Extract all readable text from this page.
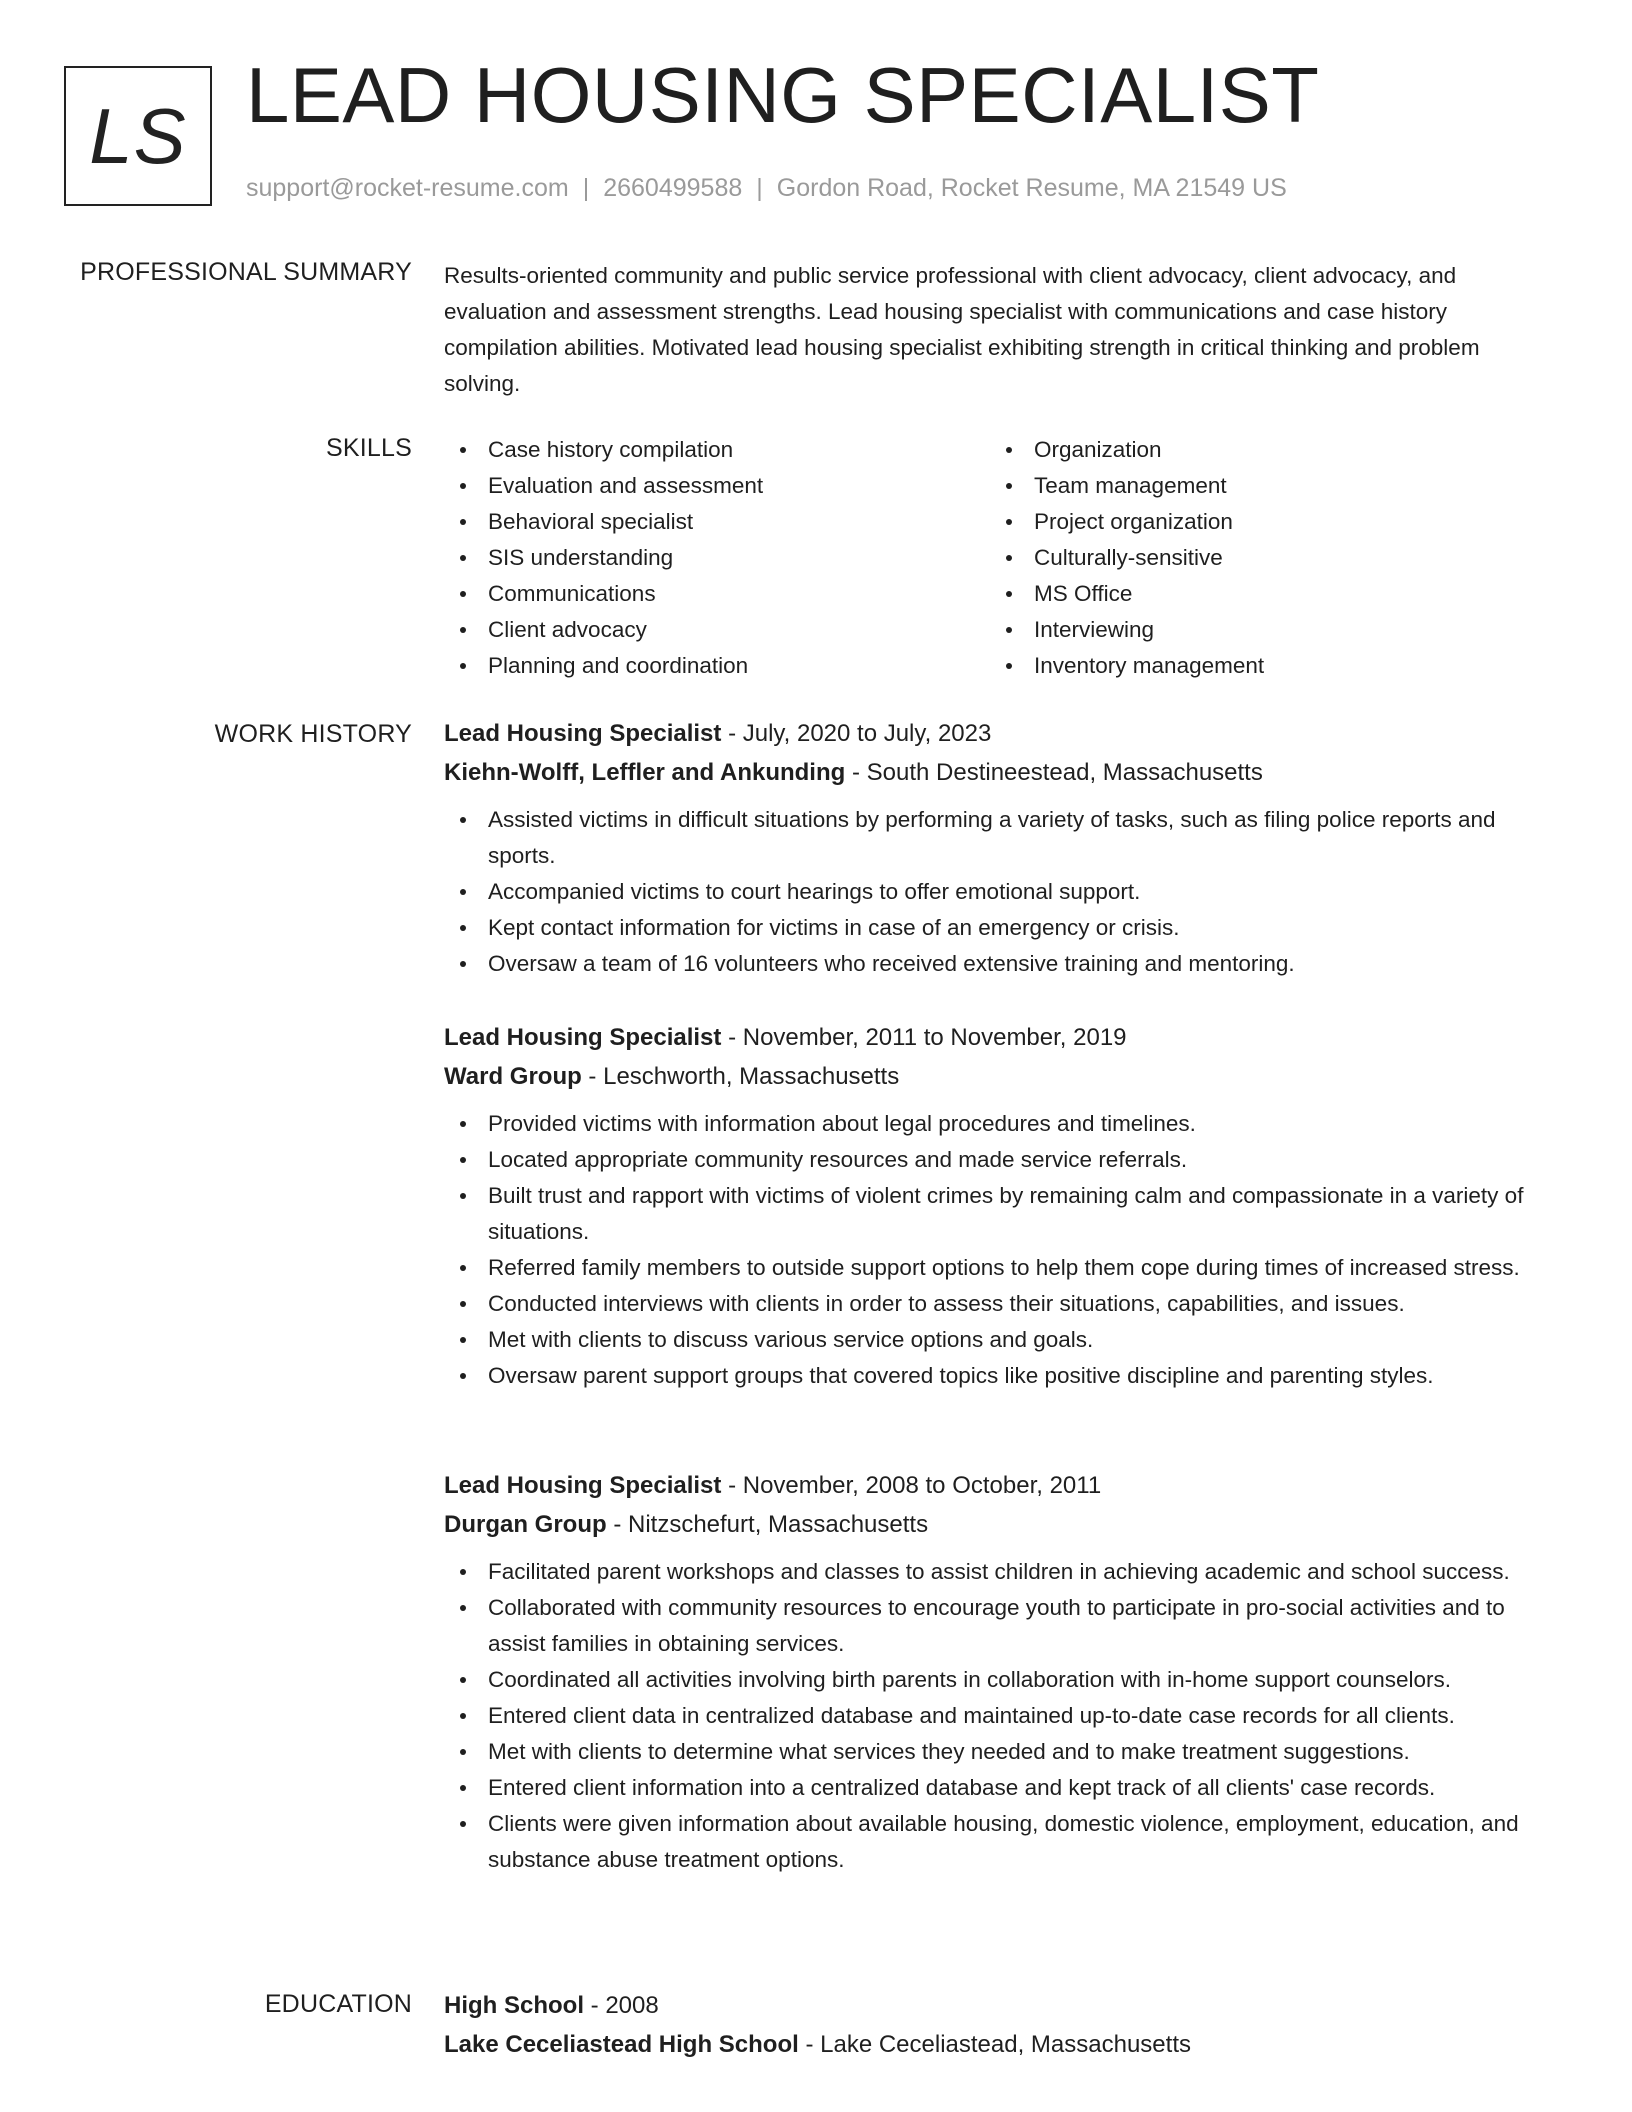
LS LEAD HOUSING SPECIALIST
support@rocket-resume.com | 2660499588 | Gordon Road, Rocket Resume, MA 21549 US
PROFESSIONAL SUMMARY Results-oriented community and public service professional with client advocacy, client advocacy, and evaluation and assessment strengths. Lead housing specialist with communications and case history compilation abilities. Motivated lead housing specialist exhibiting strength in critical thinking and problem solving.

SKILLS	Case history compilation
Evaluation and assessment
Behavioral specialist
SIS understanding
Communications
Client advocacy
Planning and coordination
Organization
Team management
Project organization
Culturally-sensitive
MS Office
Interviewing
Inventory management
WORK HISTORY Lead Housing Specialist - July, 2020 to July, 2023
Kiehn-Wolff, Leffler and Ankunding - South Destineestead, Massachusetts
Assisted victims in difficult situations by performing a variety of tasks, such as filing police reports and sports.
Accompanied victims to court hearings to offer emotional support.
Kept contact information for victims in case of an emergency or crisis.
Oversaw a team of 16 volunteers who received extensive training and mentoring.
Lead Housing Specialist - November, 2011 to November, 2019
Ward Group - Leschworth, Massachusetts
Provided victims with information about legal procedures and timelines.
Located appropriate community resources and made service referrals.
Built trust and rapport with victims of violent crimes by remaining calm and compassionate in a variety of situations.
Referred family members to outside support options to help them cope during times of increased stress.
Conducted interviews with clients in order to assess their situations, capabilities, and issues.
Met with clients to discuss various service options and goals.
Oversaw parent support groups that covered topics like positive discipline and parenting styles.
Lead Housing Specialist - November, 2008 to October, 2011
Durgan Group - Nitzschefurt, Massachusetts
Facilitated parent workshops and classes to assist children in achieving academic and school success.
Collaborated with community resources to encourage youth to participate in pro-social activities and to assist families in obtaining services.
Coordinated all activities involving birth parents in collaboration with in-home support counselors.
Entered client data in centralized database and maintained up-to-date case records for all clients.
Met with clients to determine what services they needed and to make treatment suggestions.
Entered client information into a centralized database and kept track of all clients' case records.
Clients were given information about available housing, domestic violence, employment, education, and substance abuse treatment options.
EDUCATION High School - 2008
Lake Ceceliastead High School - Lake Ceceliastead, Massachusetts
